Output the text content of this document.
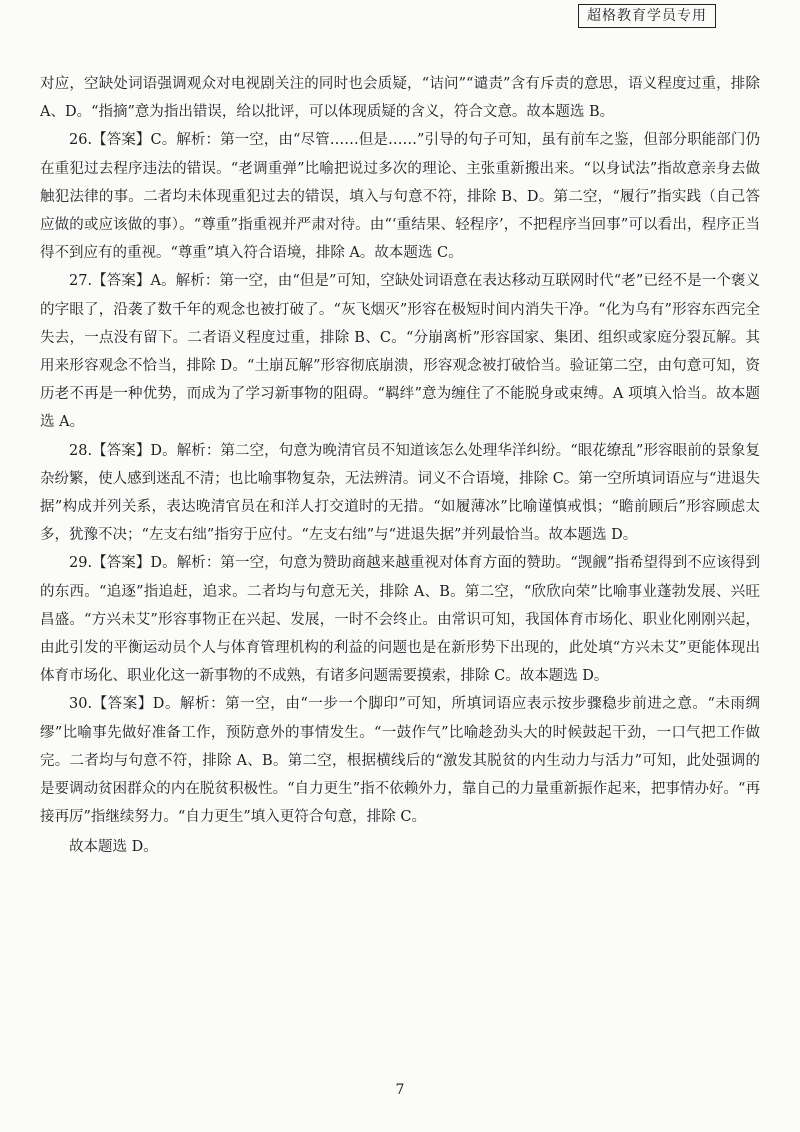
超格教育学员专用

对应，空缺处词语强调观众对电视剧关注的同时也会质疑，“诘问”“谴责”含有斥责的意思，语义程度过重，排除 A、D。“指摘”意为指出错误，给以批评，可以体现质疑的含义，符合文意。故本题选 B。

26.【答案】C。解析：第一空，由“尽管……但是……”引导的句子可知，虽有前车之鉴，但部分职能部门仍在重犯过去程序违法的错误。“老调重弹”比喻把说过多次的理论、主张重新搬出来。“以身试法”指故意亲身去做触犯法律的事。二者均未体现重犯过去的错误，填入与句意不符，排除 B、D。第二空，“履行”指实践（自己答应做的或应该做的事）。“尊重”指重视并严肃对待。由“‘重结果、轻程序’，不把程序当回事”可以看出，程序正当得不到应有的重视。“尊重”填入符合语境，排除 A。故本题选 C。

27.【答案】A。解析：第一空，由“但是”可知，空缺处词语意在表达移动互联网时代“老”已经不是一个褒义的字眼了，沿袭了数千年的观念也被打破了。“灰飞烟灭”形容在极短时间内消失干净。“化为乌有”形容东西完全失去，一点没有留下。二者语义程度过重，排除 B、C。“分崩离析”形容国家、集团、组织或家庭分裂瓦解。其用来形容观念不恰当，排除 D。“土崩瓦解”形容彻底崩溃，形容观念被打破恰当。验证第二空，由句意可知，资历老不再是一种优势，而成为了学习新事物的阻碍。“羁绊”意为缠住了不能脱身或束缚。A 项填入恰当。故本题选 A。

28.【答案】D。解析：第二空，句意为晚清官员不知道该怎么处理华洋纠纷。“眼花缭乱”形容眼前的景象复杂纷繁，使人感到迷乱不清；也比喻事物复杂，无法辨清。词义不合语境，排除 C。第一空所填词语应与“进退失据”构成并列关系，表达晚清官员在和洋人打交道时的无措。“如履薄冰”比喻谨慎戒惧；“瞻前顾后”形容顾虑太多，犹豫不决；“左支右绌”指穷于应付。“左支右绌”与“进退失据”并列最恰当。故本题选 D。

29.【答案】D。解析：第一空，句意为赞助商越来越重视对体育方面的赞助。“觊觎”指希望得到不应该得到的东西。“追逐”指追赶，追求。二者均与句意无关，排除 A、B。第二空，“欣欣向荣”比喻事业蓬勃发展、兴旺昌盛。“方兴未艾”形容事物正在兴起、发展，一时不会终止。由常识可知，我国体育市场化、职业化刚刚兴起，由此引发的平衡运动员个人与体育管理机构的利益的问题也是在新形势下出现的，此处填“方兴未艾”更能体现出体育市场化、职业化这一新事物的不成熟，有诸多问题需要摸索，排除 C。故本题选 D。

30.【答案】D。解析：第一空，由“一步一个脚印”可知，所填词语应表示按步骤稳步前进之意。“未雨绸缪”比喻事先做好准备工作，预防意外的事情发生。“一鼓作气”比喻趁劲头大的时候鼓起干劲，一口气把工作做完。二者均与句意不符，排除 A、B。第二空，根据横线后的“激发其脱贫的内生动力与活力”可知，此处强调的是要调动贫困群众的内在脱贫积极性。“自力更生”指不依赖外力，靠自己的力量重新振作起来，把事情办好。“再接再厉”指继续努力。“自力更生”填入更符合句意，排除 C。

故本题选 D。

7
